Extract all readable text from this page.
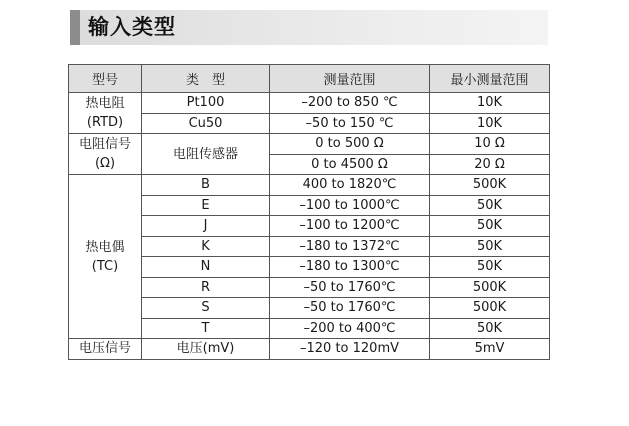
输入类型
型号	类　型	测量范围	最小测量范围

热电阻
(RTD)	Pt100	–200 to 850 ℃	10K
	Cu50	–50 to 150 ℃	10K

电阻信号
(Ω)	电阻传感器	0 to 500 Ω	10 Ω
		0 to 4500 Ω	20 Ω

热电偶
(TC)	B	400 to 1820℃	500K
	E	–100 to 1000℃	50K
	J	–100 to 1200℃	50K
	K	–180 to 1372℃	50K
	N	–180 to 1300℃	50K
	R	–50 to 1760℃	500K
	S	–50 to 1760℃	500K
	T	–200 to 400℃	50K
电压信号	电压(mV)	–120 to 120mV	5mV
